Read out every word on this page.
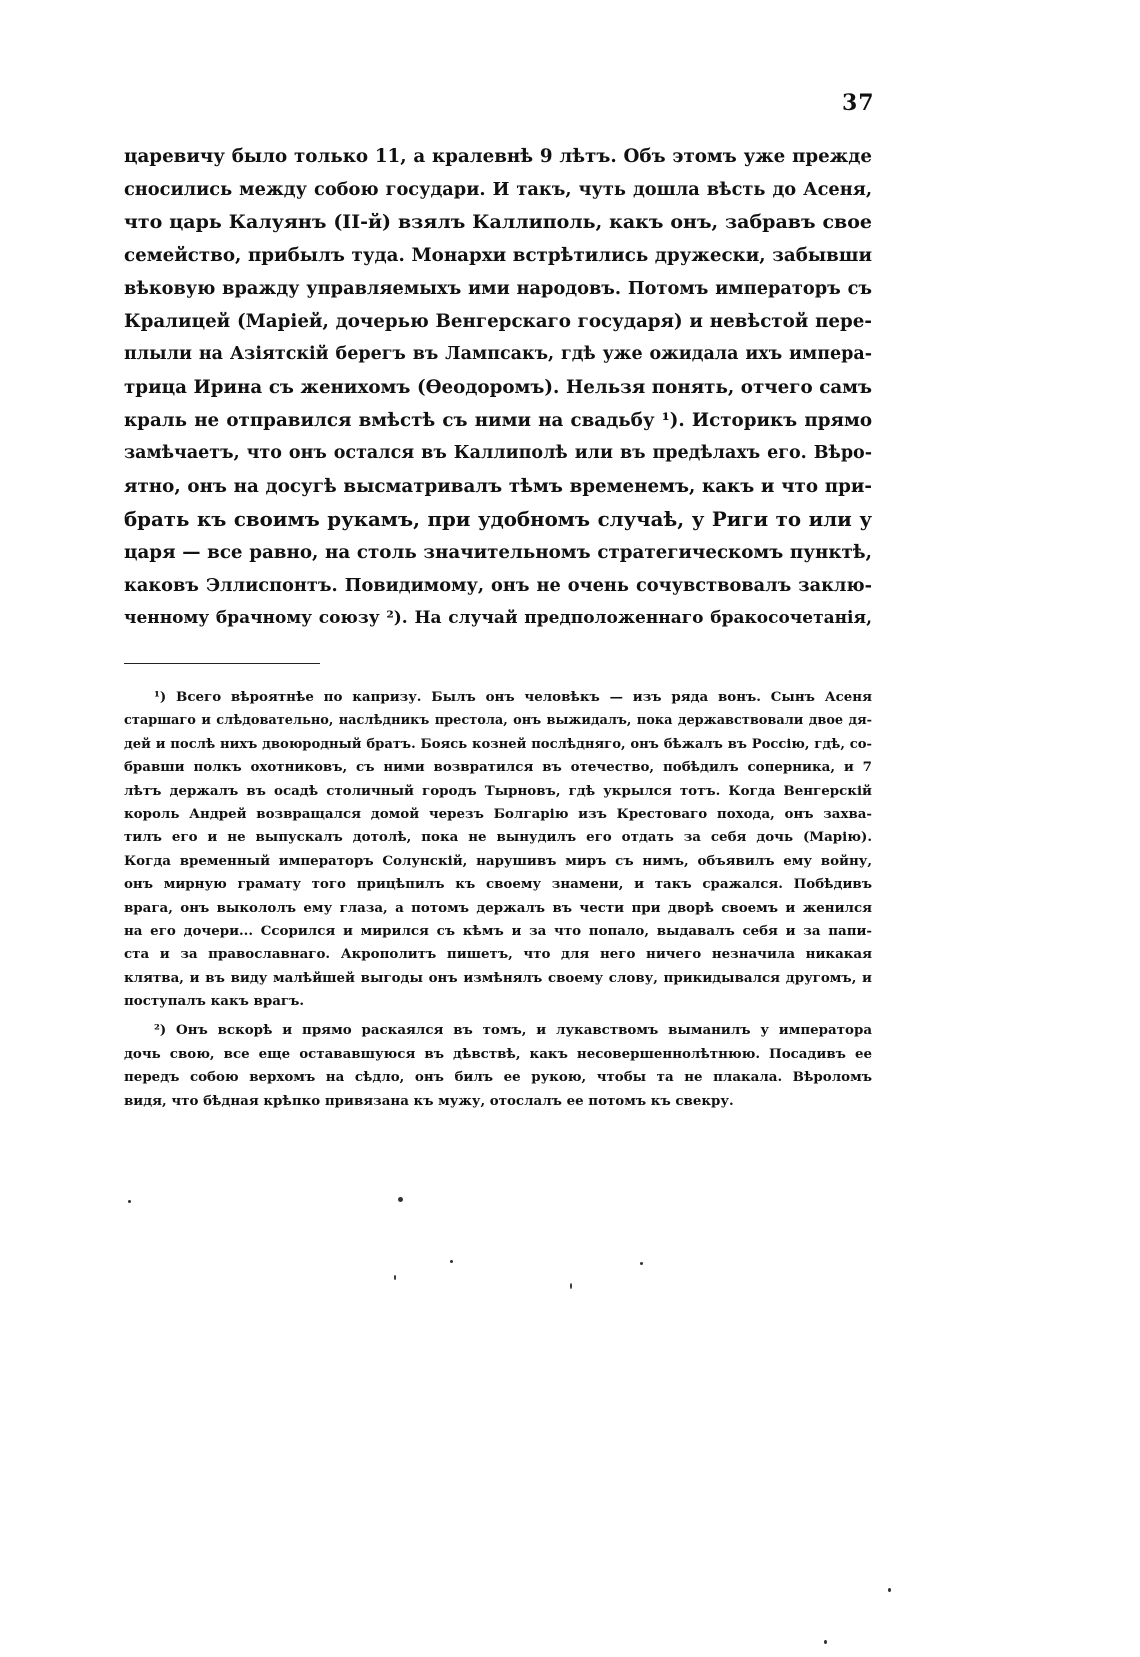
37
царевичу было только 11, а кралевнѣ 9 лѣтъ. Объ этомъ уже прежде
сносились между собою государи. И такъ, чуть дошла вѣсть до Асеня,
что царь Калуянъ (II-й) взялъ Каллиполь, какъ онъ, забравъ свое
семейство, прибылъ туда. Монархи встрѣтились дружески, забывши
вѣковую вражду управляемыхъ ими народовъ. Потомъ императоръ съ
Кралицей (Маріей, дочерью Венгерскаго государя) и невѣстой пере-
плыли на Азіятскій берегъ въ Лампсакъ, гдѣ уже ожидала ихъ импера-
трица Ирина съ женихомъ (Ѳеодоромъ). Нельзя понять, отчего самъ
краль не отправился вмѣстѣ съ ними на свадьбу ¹). Историкъ прямо
замѣчаетъ, что онъ остался въ Каллиполѣ или въ предѣлахъ его. Вѣро-
ятно, онъ на досугѣ высматривалъ тѣмъ временемъ, какъ и что при-
брать къ своимъ рукамъ, при удобномъ случаѣ, у Риги то или у
царя — все равно, на столь значительномъ стратегическомъ пунктѣ,
каковъ Эллиспонтъ. Повидимому, онъ не очень сочувствовалъ заклю-
ченному брачному союзу ²). На случай предположеннаго бракосочетанія,
¹) Всего вѣроятнѣе по капризу. Былъ онъ человѣкъ — изъ ряда вонъ. Сынъ Асеня
старшаго и слѣдовательно, наслѣдникъ престола, онъ выжидалъ, пока державствовали двое дя-
дей и послѣ нихъ двоюродный братъ. Боясь козней послѣдняго, онъ бѣжалъ въ Россію, гдѣ, со-
бравши полкъ охотниковъ, съ ними возвратился въ отечество, побѣдилъ соперника, и 7
лѣтъ держалъ въ осадѣ столичный городъ Тырновъ, гдѣ укрылся тотъ. Когда Венгерскій
король Андрей возвращался домой черезъ Болгарію изъ Крестоваго похода, онъ захва-
тилъ его и не выпускалъ дотолѣ, пока не вынудилъ его отдать за себя дочь (Марію).
Когда временный императоръ Солунскій, нарушивъ миръ съ нимъ, объявилъ ему войну,
онъ мирную грамату того прицѣпилъ къ своему знамени, и такъ сражался. Побѣдивъ
врага, онъ выкололъ ему глаза, а потомъ держалъ въ чести при дворѣ своемъ и женился
на его дочери... Ссорился и мирился съ кѣмъ и за что попало, выдавалъ себя и за папи-
ста и за православнаго. Акрополитъ пишетъ, что для него ничего незначила никакая
клятва, и въ виду малѣйшей выгоды онъ измѣнялъ своему слову, прикидывался другомъ, и
поступалъ какъ врагъ.
²) Онъ вскорѣ и прямо раскаялся въ томъ, и лукавствомъ выманилъ у императора
дочь свою, все еще остававшуюся въ дѣвствѣ, какъ несовершеннолѣтнюю. Посадивъ ее
передъ собою верхомъ на сѣдло, онъ билъ ее рукою, чтобы та не плакала. Вѣроломъ
видя, что бѣдная крѣпко привязана къ мужу, отослалъ ее потомъ къ свекру.
